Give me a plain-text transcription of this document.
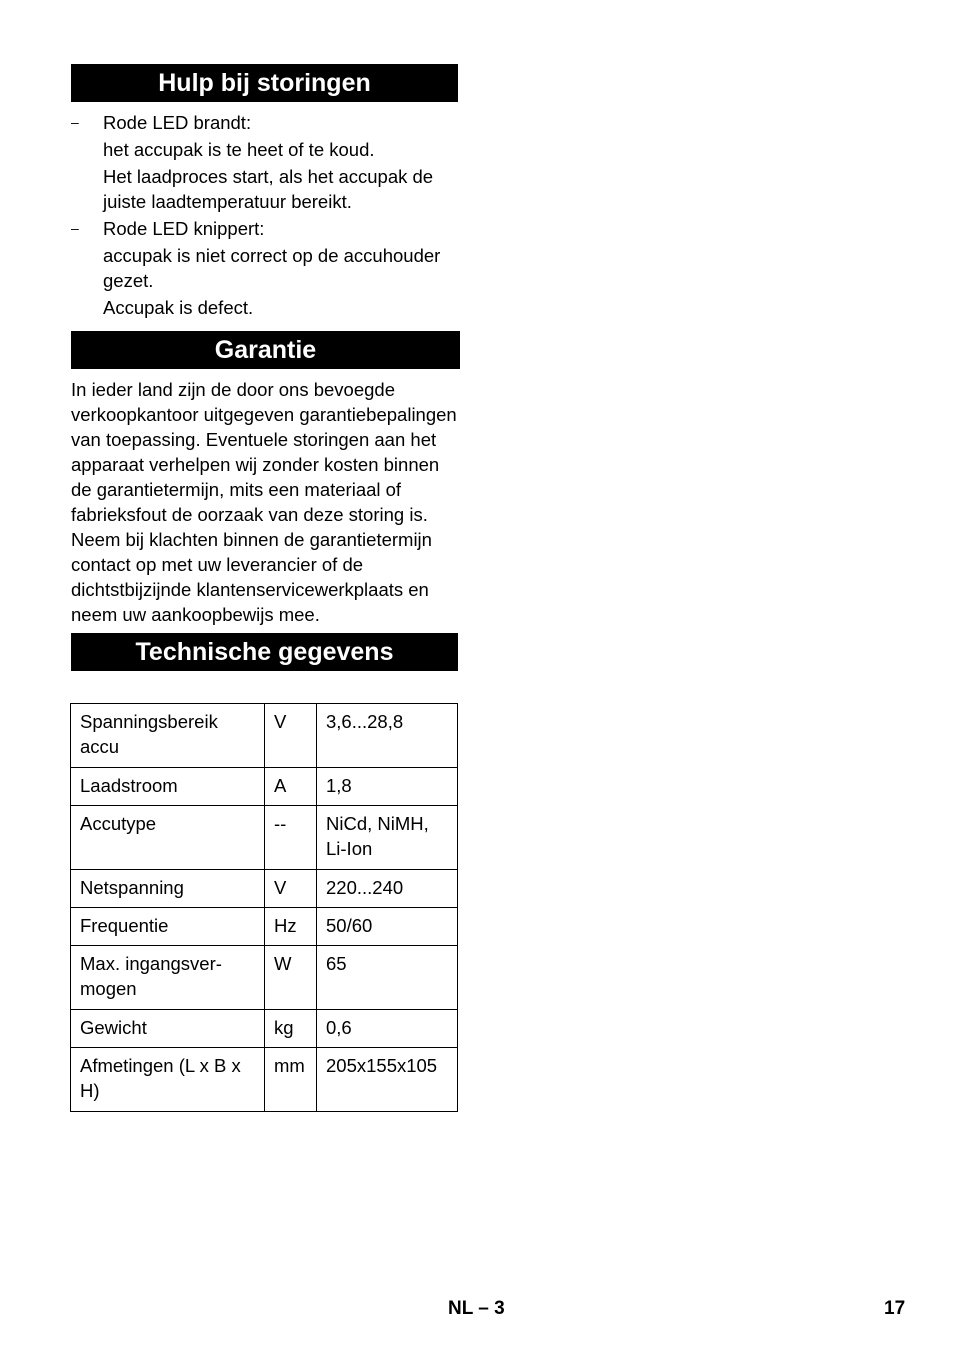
Hulp bij storingen
– Rode LED brandt:
het accupak is te heet of te koud.
Het laadproces start, als het accupak de juiste laadtemperatuur bereikt.
– Rode LED knippert:
accupak is niet correct op de accuhouder gezet.
Accupak is defect.
Garantie

In ieder land zijn de door ons bevoegde verkoopkantoor uitgegeven garantiebepalingen van toepassing. Eventuele storingen aan het apparaat verhelpen wij zonder kosten binnen de garantietermijn, mits een materiaal of fabrieksfout de oorzaak van deze storing is. Neem bij klachten binnen de garantietermijn contact op met uw leverancier of de dichtstbijzijnde klantenservicewerkplaats en neem uw aankoopbewijs mee.

Technische gegevens
Spanningsbereik accu	V	3,6...28,8
Laadstroom	A	1,8
Accutype	--	NiCd, NiMH, Li-Ion
Netspanning	V	220...240
Frequentie	Hz	50/60
Max. ingangsvermogen	W	65
Gewicht	kg	0,6
Afmetingen (L x B x H)	mm	205x155x105
NL – 3	17
